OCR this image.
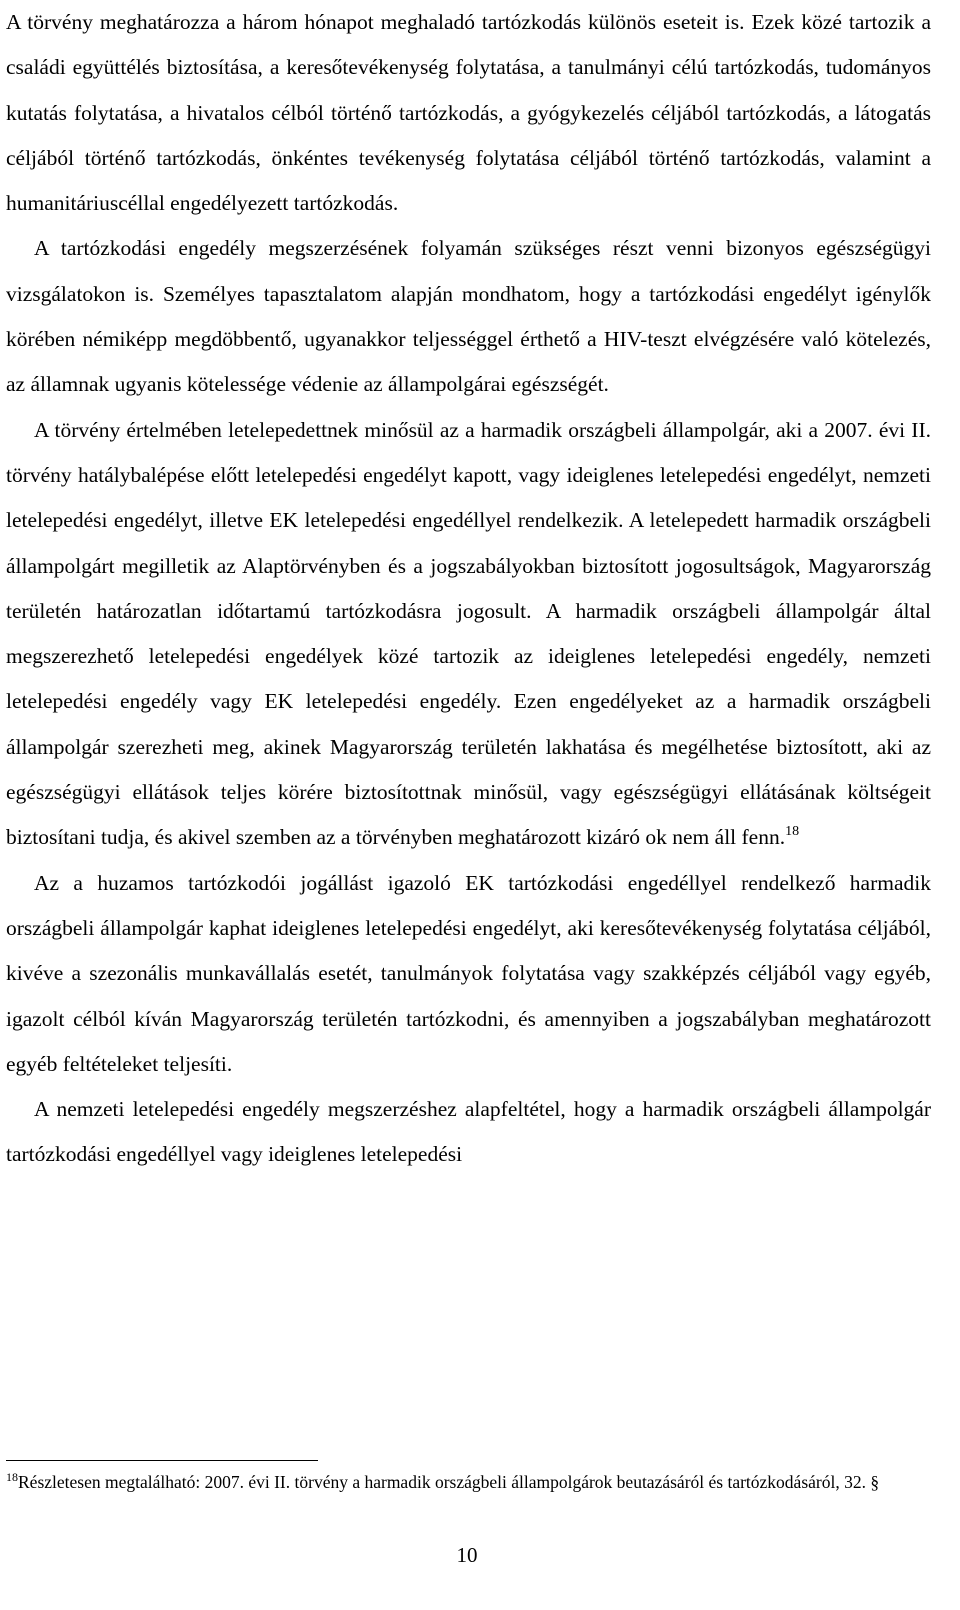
A törvény meghatározza a három hónapot meghaladó tartózkodás különös eseteit is. Ezek közé tartozik a családi együttélés biztosítása, a keresőtevékenység folytatása, a tanulmányi célú tartózkodás, tudományos kutatás folytatása, a hivatalos célból történő tartózkodás, a gyógykezelés céljából tartózkodás, a látogatás céljából történő tartózkodás, önkéntes tevékenység folytatása céljából történő tartózkodás, valamint a humanitáriuscéllal engedélyezett tartózkodás.

A tartózkodási engedély megszerzésének folyamán szükséges részt venni bizonyos egészségügyi vizsgálatokon is. Személyes tapasztalatom alapján mondhatom, hogy a tartózkodási engedélyt igénylők körében némiképp megdöbbentő, ugyanakkor teljességgel érthető a HIV-teszt elvégzésére való kötelezés, az államnak ugyanis kötelessége védenie az állampolgárai egészségét.

A törvény értelmében letelepedettnek minősül az a harmadik országbeli állampolgár, aki a 2007. évi II. törvény hatálybalépése előtt letelepedési engedélyt kapott, vagy ideiglenes letelepedési engedélyt, nemzeti letelepedési engedélyt, illetve EK letelepedési engedéllyel rendelkezik. A letelepedett harmadik országbeli állampolgárt megilletik az Alaptörvényben és a jogszabályokban biztosított jogosultságok, Magyarország területén határozatlan időtartamú tartózkodásra jogosult. A harmadik országbeli állampolgár által megszerezhető letelepedési engedélyek közé tartozik az ideiglenes letelepedési engedély, nemzeti letelepedési engedély vagy EK letelepedési engedély. Ezen engedélyeket az a harmadik országbeli állampolgár szerezheti meg, akinek Magyarország területén lakhatása és megélhetése biztosított, aki az egészségügyi ellátások teljes körére biztosítottnak minősül, vagy egészségügyi ellátásának költségeit biztosítani tudja, és akivel szemben az a törvényben meghatározott kizáró ok nem áll fenn.$^{18}$

Az a huzamos tartózkodói jogállást igazoló EK tartózkodási engedéllyel rendelkező harmadik országbeli állampolgár kaphat ideiglenes letelepedési engedélyt, aki keresőtevékenység folytatása céljából, kivéve a szezonális munkavállalás esetét, tanulmányok folytatása vagy szakképzés céljából vagy egyéb, igazolt célból kíván Magyarország területén tartózkodni, és amennyiben a jogszabályban meghatározott egyéb feltételeket teljesíti.

A nemzeti letelepedési engedély megszerzéshez alapfeltétel, hogy a harmadik országbeli állampolgár tartózkodási engedéllyel vagy ideiglenes letelepedési

$^{18}$Részletesen megtalálható: 2007. évi II. törvény a harmadik országbeli állampolgárok beutazásáról és tartózkodásáról, 32. §
10
